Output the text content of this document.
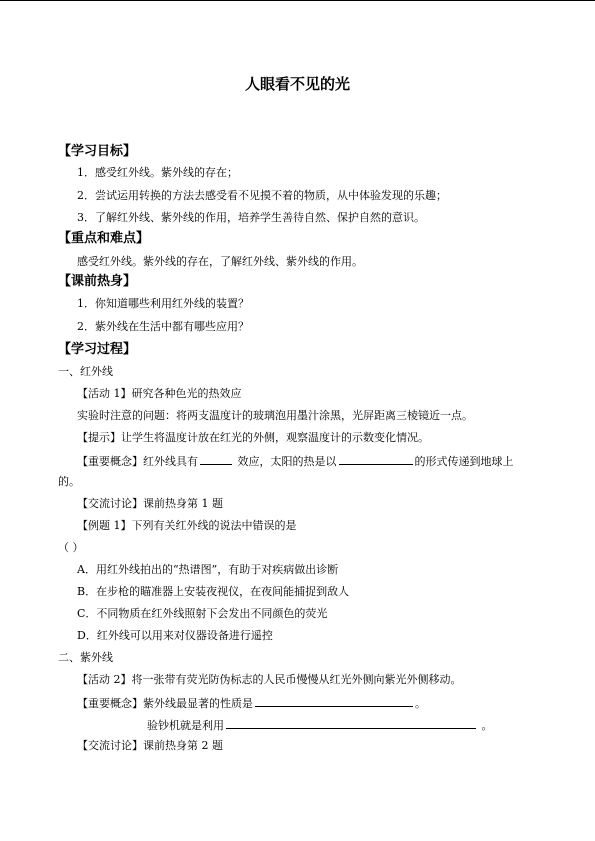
人眼看不见的光
【学习目标】
1．感受红外线。紫外线的存在；
2．尝试运用转换的方法去感受看不见摸不着的物质，从中体验发现的乐趣；
3．了解红外线、紫外线的作用，培养学生善待自然、保护自然的意识。
【重点和难点】
感受红外线。紫外线的存在，了解红外线、紫外线的作用。
【课前热身】
1．你知道哪些利用红外线的装置？
2．紫外线在生活中都有哪些应用？
【学习过程】
一、红外线
【活动 1】研究各种色光的热效应
实验时注意的问题：将两支温度计的玻璃泡用墨汁涂黑，光屏距离三棱镜近一点。
【提示】让学生将温度计放在红光的外侧，观察温度计的示数变化情况。
【重要概念】红外线具有	效应，太阳的热是以	的形式传递到地球上
的。
【交流讨论】课前热身第 1 题
【例题 1】下列有关红外线的说法中错误的是
（ ）
A．用红外线拍出的“热谱图”，有助于对疾病做出诊断
B．在步枪的瞄准器上安装夜视仪，在夜间能捕捉到敌人
C．不同物质在红外线照射下会发出不同颜色的荧光
D．红外线可以用来对仪器设备进行遥控
二、紫外线
【活动 2】将一张带有荧光防伪标志的人民币慢慢从红光外侧向紫光外侧移动。
【重要概念】紫外线最显著的性质是	。
验钞机就是利用	。
【交流讨论】课前热身第 2 题
